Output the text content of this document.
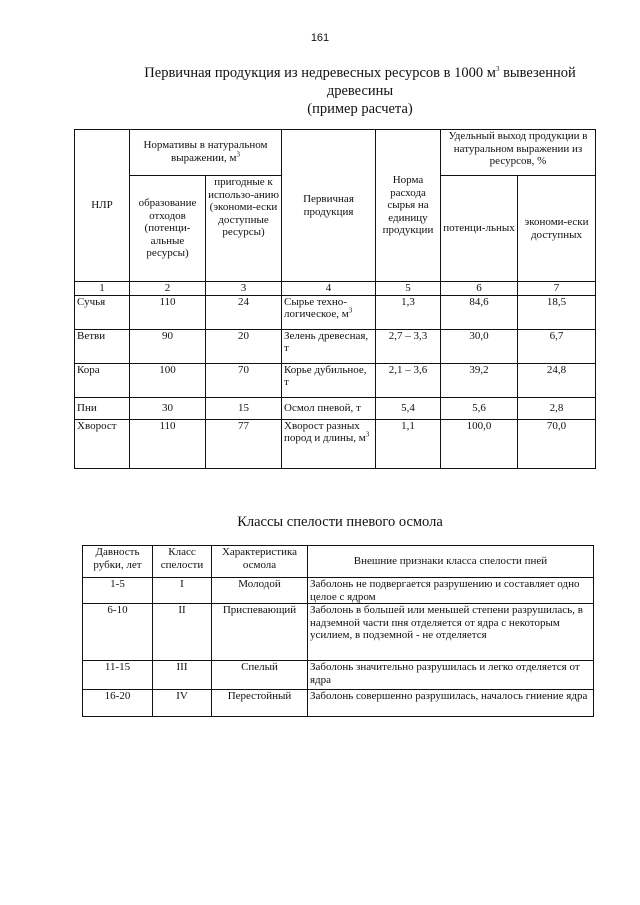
161
Первичная продукция из недревесных ресурсов в 1000 $м^3$ вывезенной
древесины
(пример расчета)
НЛР	Нормативы в натуральном выражении, $м^3$		Первичная продукция	Норма расхода сырья на единицу продукции	Удельный выход продукции в натуральном выражении из ресурсов, %	
	образование отходов (потенци-альные ресурсы)	пригодные к использо-анию (экономи-ески доступные ресурсы)			потенци-льных	экономи-ески доступных
1	2	3	4	5	6	7
Сучья	110	24	Сырье техно-логическое, $м^3$	1,3	84,6	18,5
Ветви	90	20	Зелень древесная, т	2,7 – 3,3	30,0	6,7
Кора	100	70	Корье дубильное, т	2,1 – 3,6	39,2	24,8
Пни	30	15	Осмол пневой, т	5,4	5,6	2,8
Хворост	110	77	Хворост разных пород и длины, $м^3$	1,1	100,0	70,0
Классы спелости пневого осмола
Давность рубки, лет	Класс спелости	Характеристика осмола	Внешние признаки класса спелости пней
1-5	I	Молодой	Заболонь не подвергается разрушению и составляет одно целое с ядром
6-10	II	Приспевающий	Заболонь в большей или меньшей степени разрушилась, в надземной части пня отделяется от ядра с некоторым усилием, в подземной - не отделяется
11-15	III	Спелый	Заболонь значительно разрушилась и легко отделяется от ядра
16-20	IV	Перестойный	Заболонь совершенно разрушилась, началось гниение ядра
